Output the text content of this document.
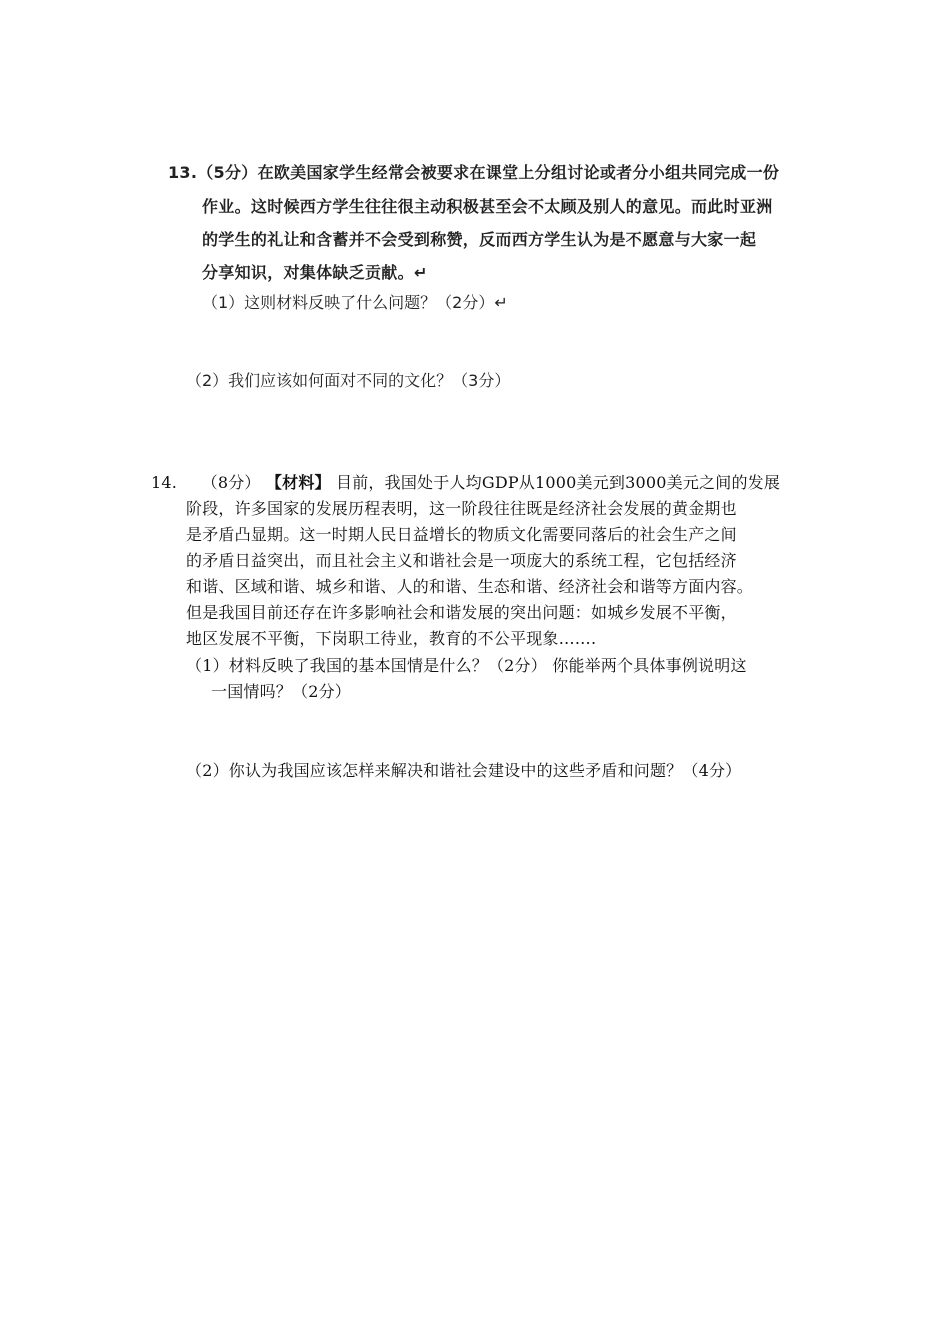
13.（5分）在欧美国家学生经常会被要求在课堂上分组讨论或者分小组共同完成一份
作业。这时候西方学生往往很主动积极甚至会不太顾及别人的意见。而此时亚洲
的学生的礼让和含蓄并不会受到称赞，反而西方学生认为是不愿意与大家一起
分享知识，对集体缺乏贡献。↵
（1）这则材料反映了什么问题？（2分）↵
（2）我们应该如何面对不同的文化？（3分）
14. （8分） 【材料】 目前，我国处于人均GDP从1000美元到3000美元之间的发展
阶段，许多国家的发展历程表明，这一阶段往往既是经济社会发展的黄金期也
是矛盾凸显期。这一时期人民日益增长的物质文化需要同落后的社会生产之间
的矛盾日益突出，而且社会主义和谐社会是一项庞大的系统工程，它包括经济
和谐、区域和谐、城乡和谐、人的和谐、生态和谐、经济社会和谐等方面内容。
但是我国目前还存在许多影响社会和谐发展的突出问题：如城乡发展不平衡，
地区发展不平衡，下岗职工待业，教育的不公平现象…….
（1）材料反映了我国的基本国情是什么？（2分） 你能举两个具体事例说明这
一国情吗？（2分）
（2）你认为我国应该怎样来解决和谐社会建设中的这些矛盾和问题？（4分）
